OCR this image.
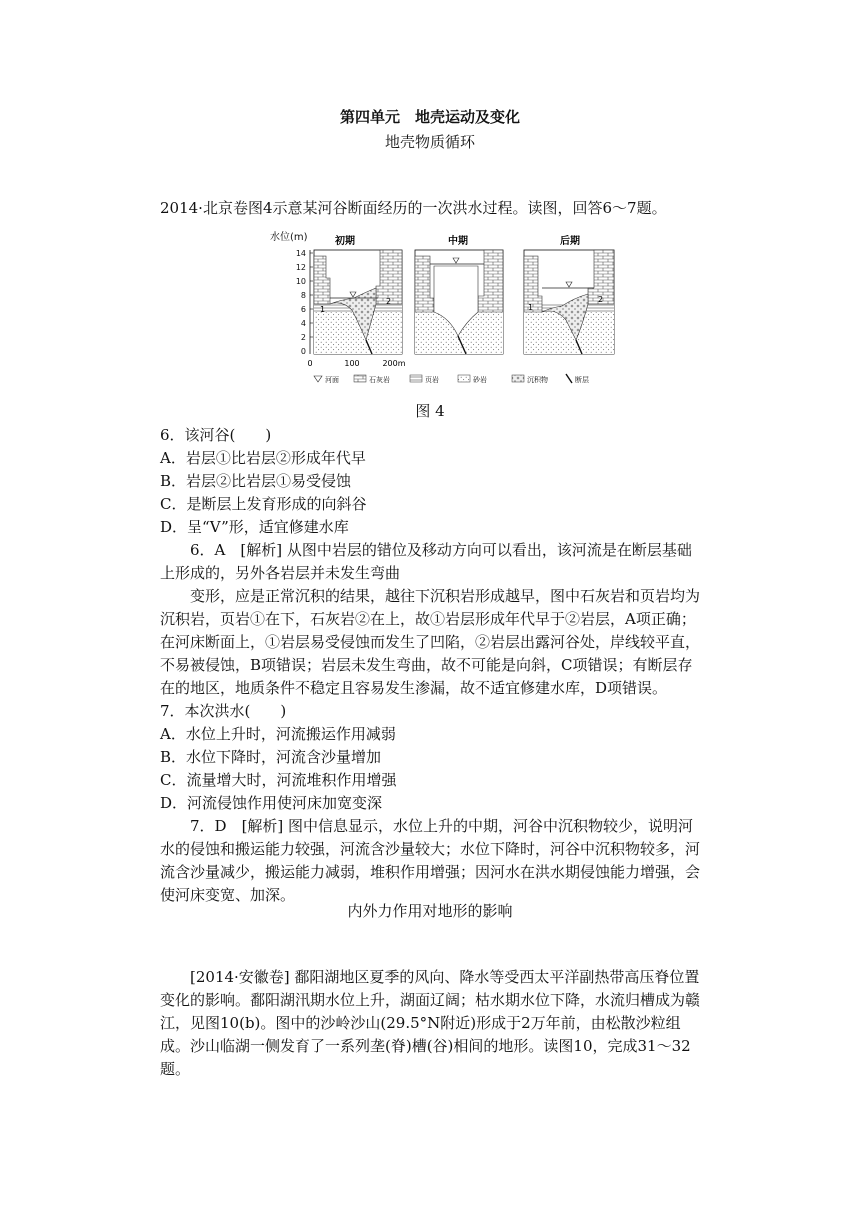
第四单元　地壳运动及变化
地壳物质循环
2014·北京卷图4示意某河谷断面经历的一次洪水过程。读图，回答6～7题。
水位(m)
14
12
10
8
6
4
2
0
0	100	200m
初期
1
2
中期	后期
1
2
河面	石灰岩	页岩	砂岩	沉积物	断层
图 4
6．该河谷(　　)
A．岩层①比岩层②形成年代早
B．岩层②比岩层①易受侵蚀
C．是断层上发育形成的向斜谷
D．呈“V”形，适宜修建水库
6．A　[解析] 从图中岩层的错位及移动方向可以看出，该河流是在断层基础上形成的，另外各岩层并未发生弯曲
变形，应是正常沉积的结果，越往下沉积岩形成越早，图中石灰岩和页岩均为沉积岩，页岩①在下，石灰岩②在上，故①岩层形成年代早于②岩层，A项正确；在河床断面上，①岩层易受侵蚀而发生了凹陷，②岩层出露河谷处，岸线较平直，不易被侵蚀，B项错误；岩层未发生弯曲，故不可能是向斜，C项错误；有断层存在的地区，地质条件不稳定且容易发生渗漏，故不适宜修建水库，D项错误。
7．本次洪水(　　)
A．水位上升时，河流搬运作用减弱
B．水位下降时，河流含沙量增加
C．流量增大时，河流堆积作用增强
D．河流侵蚀作用使河床加宽变深
7．D　[解析] 图中信息显示，水位上升的中期，河谷中沉积物较少，说明河水的侵蚀和搬运能力较强，河流含沙量较大；水位下降时，河谷中沉积物较多，河流含沙量减少，搬运能力减弱，堆积作用增强；因河水在洪水期侵蚀能力增强，会使河床变宽、加深。
内外力作用对地形的影响
[2014·安徽卷] 鄱阳湖地区夏季的风向、降水等受西太平洋副热带高压脊位置变化的影响。鄱阳湖汛期水位上升，湖面辽阔；枯水期水位下降，水流归槽成为赣江，见图10(b)。图中的沙岭沙山(29.5°N附近)形成于2万年前，由松散沙粒组成。沙山临湖一侧发育了一系列垄(脊)槽(谷)相间的地形。读图10，完成31～32题。
